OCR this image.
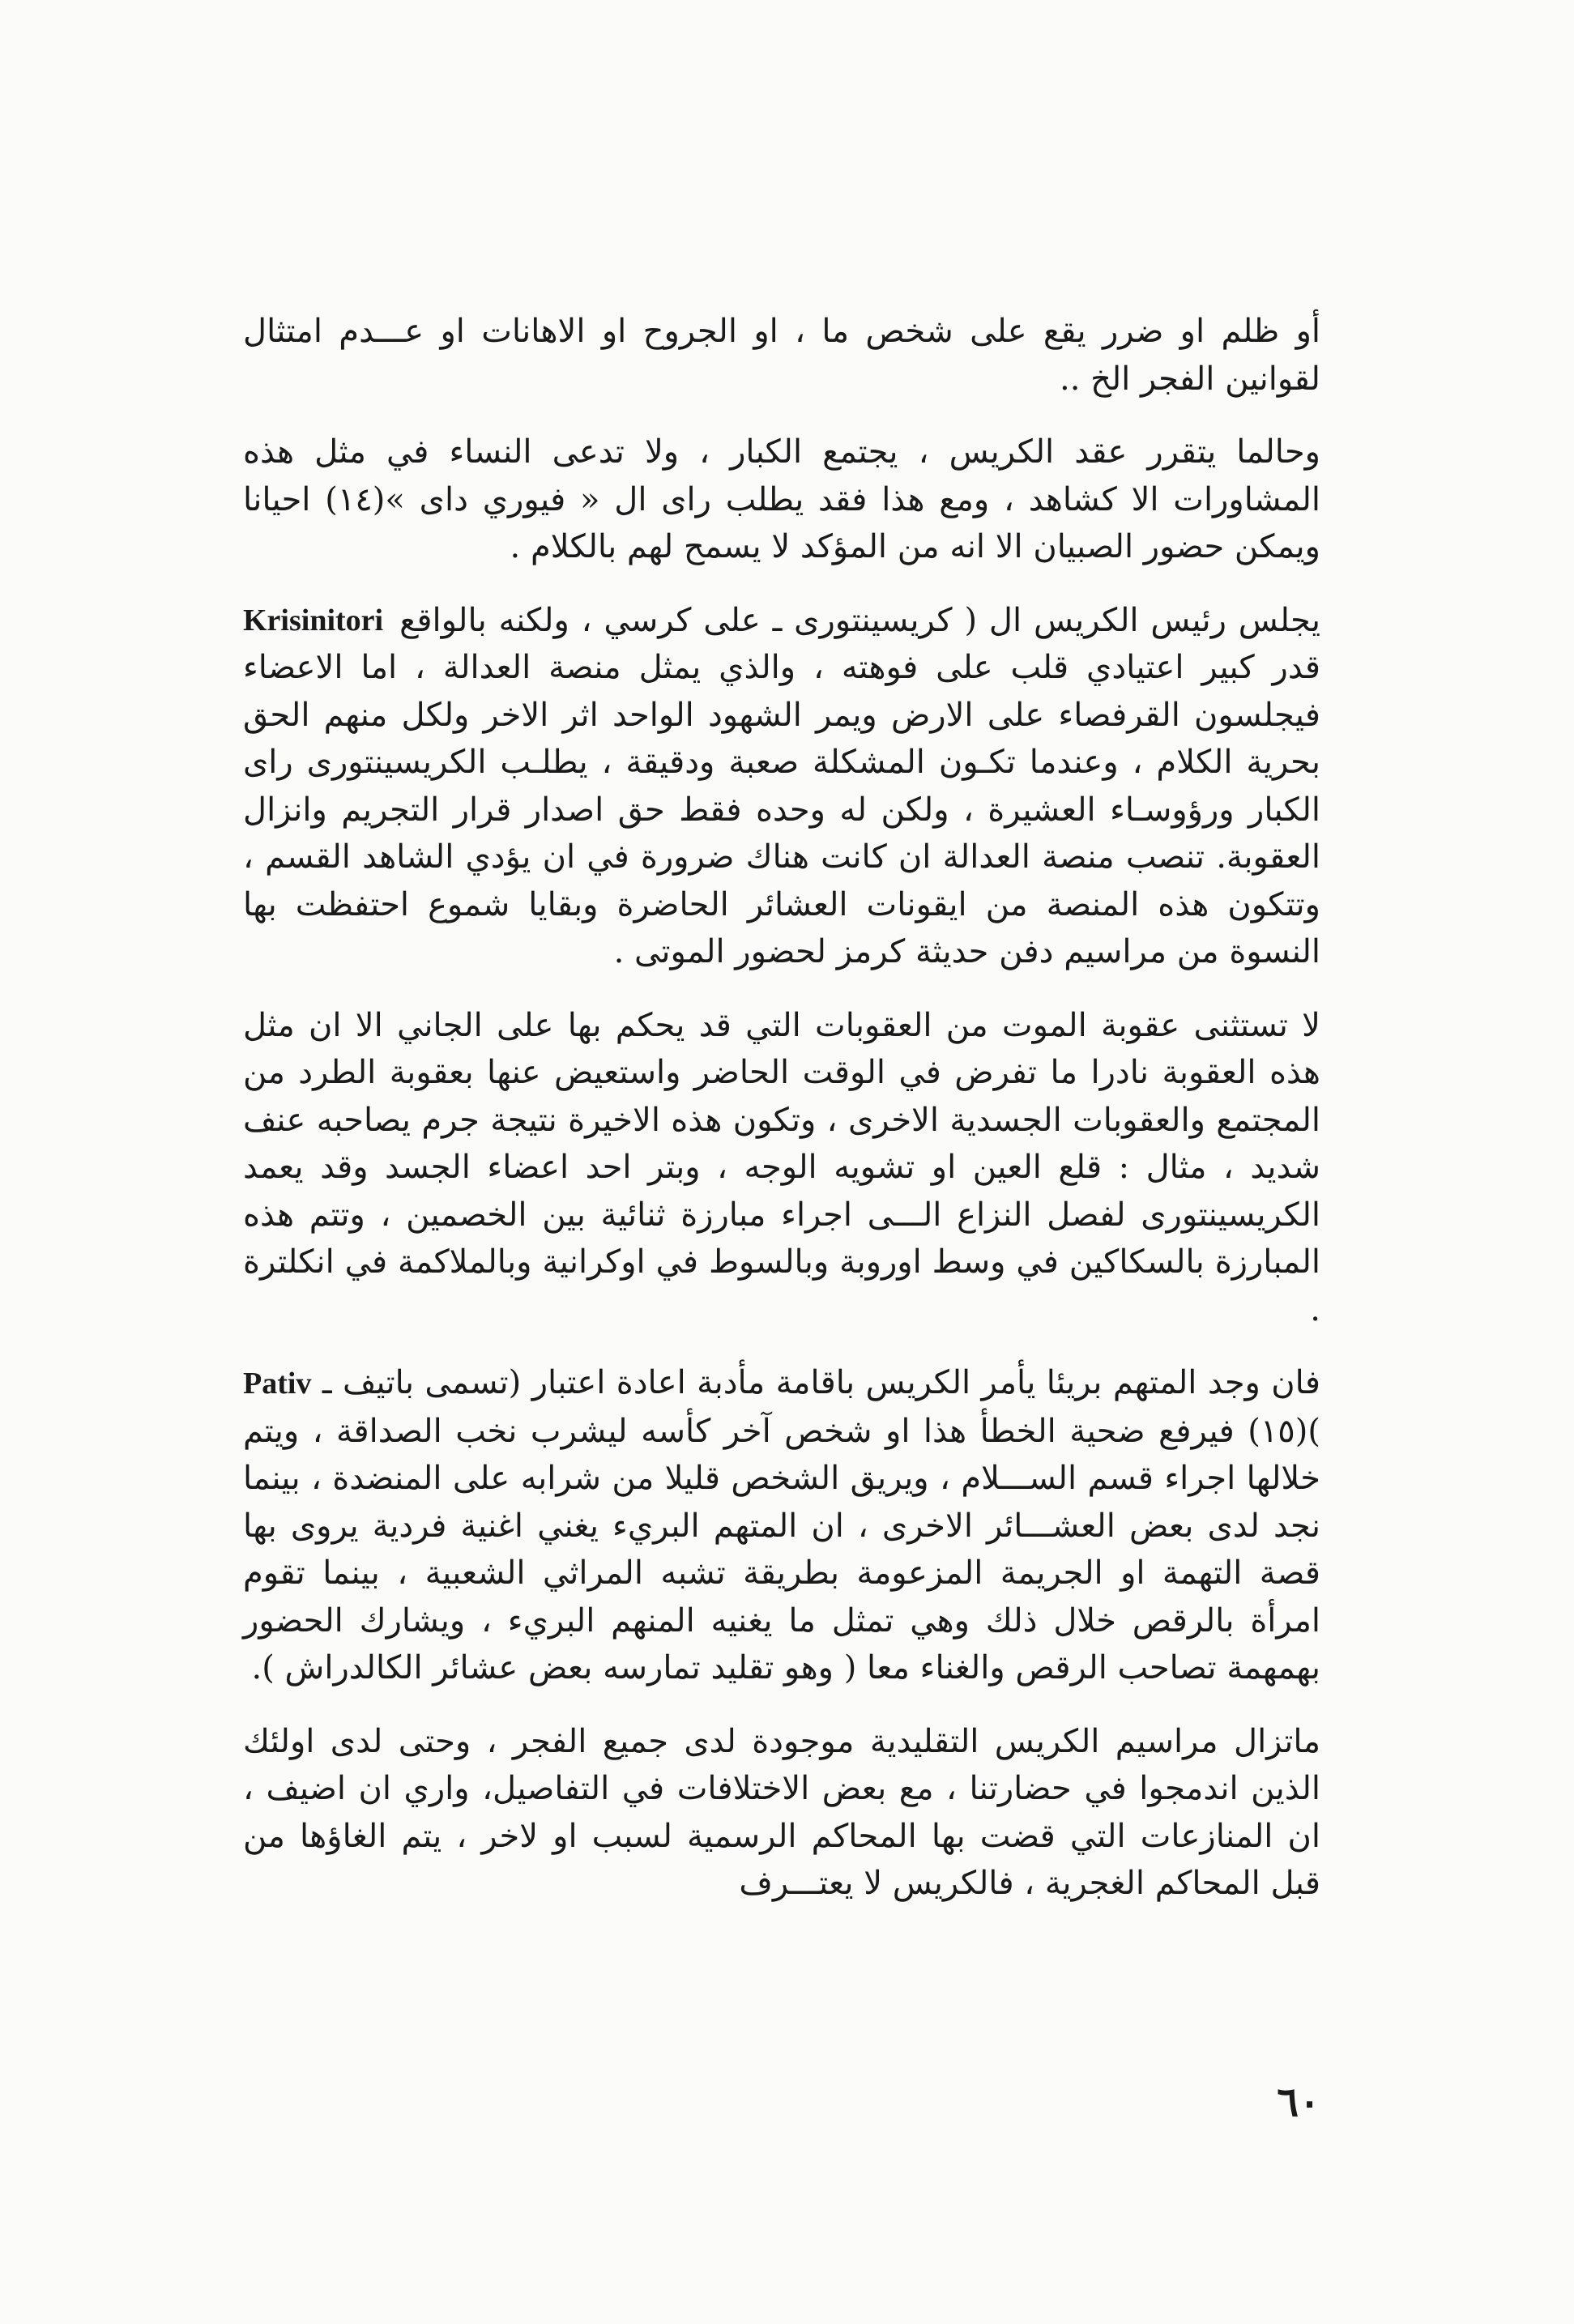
أو ظلم او ضرر يقع على شخص ما ، او الجروح او الاهانات او عـــدم امتثال لقوانين الفجر الخ ..

وحالما يتقرر عقد الكريس ، يجتمع الكبار ، ولا تدعى النساء في مثل هذه المشاورات الا كشاهد ، ومع هذا فقد يطلب راى ال « فيوري داى »(١٤) احيانا ويمكن حضور الصبيان الا انه من المؤكد لا يسمح لهم بالكلام .

Krisinitori يجلس رئيس الكريس ال ( كريسينتورى ـ على كرسي ، ولكنه بالواقع قدر كبير اعتيادي قلب على فوهته ، والذي يمثل منصة العدالة ، اما الاعضاء فيجلسون القرفصاء على الارض ويمر الشهود الواحد اثر الاخر ولكل منهم الحق بحرية الكلام ، وعندما تكـون المشكلة صعبة ودقيقة ، يطلـب الكريسينتورى راى الكبار ورؤوسـاء العشيرة ، ولكن له وحده فقط حق اصدار قرار التجريم وانزال العقوبة. تنصب منصة العدالة ان كانت هناك ضرورة في ان يؤدي الشاهد القسم ، وتتكون هذه المنصة من ايقونات العشائر الحاضرة وبقايا شموع احتفظت بها النسوة من مراسيم دفن حديثة كرمز لحضور الموتى .

لا تستثنى عقوبة الموت من العقوبات التي قد يحكم بها على الجاني الا ان مثل هذه العقوبة نادرا ما تفرض في الوقت الحاضر واستعيض عنها بعقوبة الطرد من المجتمع والعقوبات الجسدية الاخرى ، وتكون هذه الاخيرة نتيجة جرم يصاحبه عنف شديد ، مثال : قلع العين او تشويه الوجه ، وبتر احد اعضاء الجسد وقد يعمد الكريسينتورى لفصل النزاع الـــى اجراء مبارزة ثنائية بين الخصمين ، وتتم هذه المبارزة بالسكاكين في وسط اوروبة وبالسوط في اوكرانية وبالملاكمة في انكلترة .

فان وجد المتهم بريئا يأمر الكريس باقامة مأدبة اعادة اعتبار (تسمى باتيف ـ Pativ )(١٥) فيرفع ضحية الخطأ هذا او شخص آخر كأسه ليشرب نخب الصداقة ، ويتم خلالها اجراء قسم الســـلام ، ويريق الشخص قليلا من شرابه على المنضدة ، بينما نجد لدى بعض العشـــائر الاخرى ، ان المتهم البريء يغني اغنية فردية يروى بها قصة التهمة او الجريمة المزعومة بطريقة تشبه المراثي الشعبية ، بينما تقوم امرأة بالرقص خلال ذلك وهي تمثل ما يغنيه المنهم البريء ، ويشارك الحضور بهمهمة تصاحب الرقص والغناء معا ( وهو تقليد تمارسه بعض عشائر الكالدراش ).

ماتزال مراسيم الكريس التقليدية موجودة لدى جميع الفجر ، وحتى لدى اولئك الذين اندمجوا في حضارتنا ، مع بعض الاختلافات في التفاصيل، واري ان اضيف ، ان المنازعات التي قضت بها المحاكم الرسمية لسبب او لاخر ، يتم الغاؤها من قبل المحاكم الغجرية ، فالكريس لا يعتـــرف

٦٠
